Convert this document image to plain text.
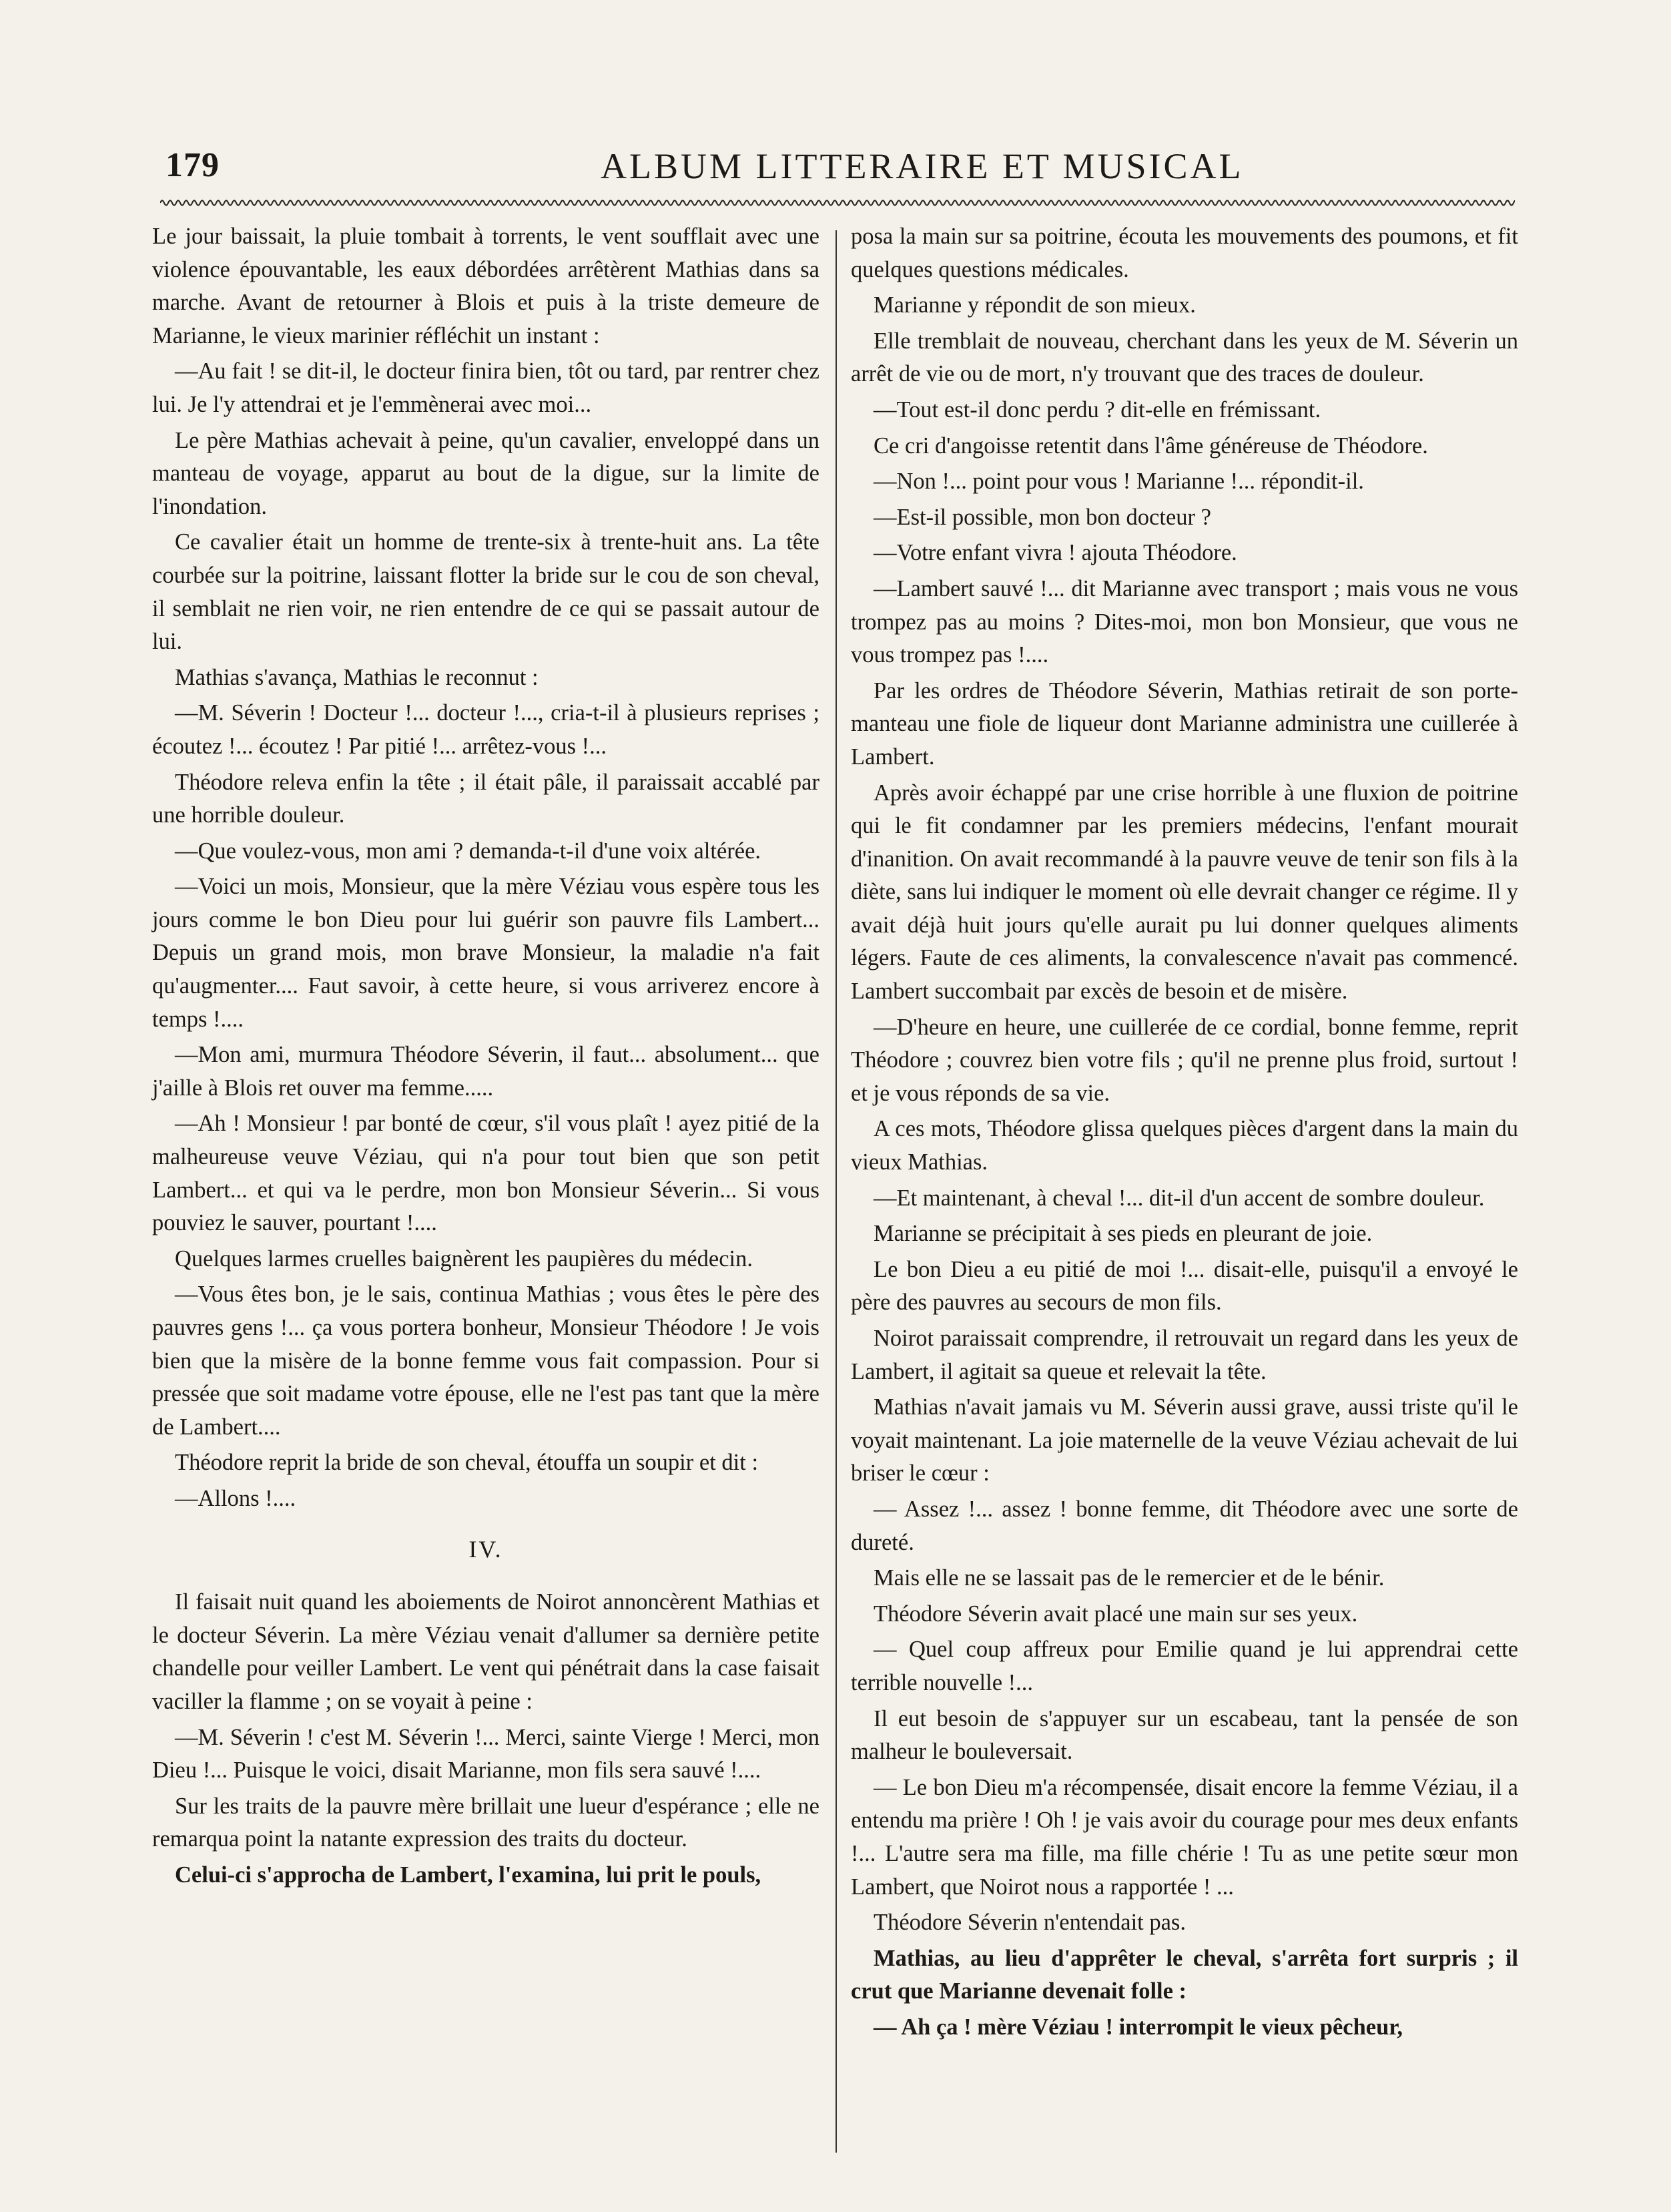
179	ALBUM LITTERAIRE ET MUSICAL

Le jour baissait, la pluie tombait à torrents, le vent soufflait avec une violence épouvantable, les eaux débordées arrêtèrent Mathias dans sa marche. Avant de retourner à Blois et puis à la triste demeure de Marianne, le vieux marinier réfléchit un instant :

—Au fait ! se dit-il, le docteur finira bien, tôt ou tard, par rentrer chez lui. Je l'y attendrai et je l'emmènerai avec moi...

Le père Mathias achevait à peine, qu'un cavalier, enveloppé dans un manteau de voyage, apparut au bout de la digue, sur la limite de l'inondation.

Ce cavalier était un homme de trente-six à trente-huit ans. La tête courbée sur la poitrine, laissant flotter la bride sur le cou de son cheval, il semblait ne rien voir, ne rien entendre de ce qui se passait autour de lui.

Mathias s'avança, Mathias le reconnut :

—M. Séverin ! Docteur !... docteur !..., cria-t-il à plusieurs reprises ; écoutez !... écoutez ! Par pitié !... arrêtez-vous !...

Théodore releva enfin la tête ; il était pâle, il paraissait accablé par une horrible douleur.

—Que voulez-vous, mon ami ? demanda-t-il d'une voix altérée.

—Voici un mois, Monsieur, que la mère Véziau vous espère tous les jours comme le bon Dieu pour lui guérir son pauvre fils Lambert... Depuis un grand mois, mon brave Monsieur, la maladie n'a fait qu'augmenter.... Faut savoir, à cette heure, si vous arriverez encore à temps !....

—Mon ami, murmura Théodore Séverin, il faut... absolument... que j'aille à Blois ret ouver ma femme.....

—Ah ! Monsieur ! par bonté de cœur, s'il vous plaît ! ayez pitié de la malheureuse veuve Véziau, qui n'a pour tout bien que son petit Lambert... et qui va le perdre, mon bon Monsieur Séverin... Si vous pouviez le sauver, pourtant !....

Quelques larmes cruelles baignèrent les paupières du médecin.

—Vous êtes bon, je le sais, continua Mathias ; vous êtes le père des pauvres gens !... ça vous portera bonheur, Monsieur Théodore ! Je vois bien que la misère de la bonne femme vous fait compassion. Pour si pressée que soit madame votre épouse, elle ne l'est pas tant que la mère de Lambert....

Théodore reprit la bride de son cheval, étouffa un soupir et dit :

—Allons !....

IV.

Il faisait nuit quand les aboiements de Noirot annoncèrent Mathias et le docteur Séverin. La mère Véziau venait d'allumer sa dernière petite chandelle pour veiller Lambert. Le vent qui pénétrait dans la case faisait vaciller la flamme ; on se voyait à peine :

—M. Séverin ! c'est M. Séverin !... Merci, sainte Vierge ! Merci, mon Dieu !... Puisque le voici, disait Marianne, mon fils sera sauvé !....

Sur les traits de la pauvre mère brillait une lueur d'espérance ; elle ne remarqua point la natante expression des traits du docteur.

Celui-ci s'approcha de Lambert, l'examina, lui prit le pouls,

posa la main sur sa poitrine, écouta les mouvements des poumons, et fit quelques questions médicales.

Marianne y répondit de son mieux.

Elle tremblait de nouveau, cherchant dans les yeux de M. Séverin un arrêt de vie ou de mort, n'y trouvant que des traces de douleur.

—Tout est-il donc perdu ? dit-elle en frémissant.

Ce cri d'angoisse retentit dans l'âme généreuse de Théodore.

—Non !... point pour vous ! Marianne !... répondit-il.

—Est-il possible, mon bon docteur ?

—Votre enfant vivra ! ajouta Théodore.

—Lambert sauvé !... dit Marianne avec transport ; mais vous ne vous trompez pas au moins ? Dites-moi, mon bon Monsieur, que vous ne vous trompez pas !....

Par les ordres de Théodore Séverin, Mathias retirait de son porte-manteau une fiole de liqueur dont Marianne administra une cuillerée à Lambert.

Après avoir échappé par une crise horrible à une fluxion de poitrine qui le fit condamner par les premiers médecins, l'enfant mourait d'inanition. On avait recommandé à la pauvre veuve de tenir son fils à la diète, sans lui indiquer le moment où elle devrait changer ce régime. Il y avait déjà huit jours qu'elle aurait pu lui donner quelques aliments légers. Faute de ces aliments, la convalescence n'avait pas commencé. Lambert succombait par excès de besoin et de misère.

—D'heure en heure, une cuillerée de ce cordial, bonne femme, reprit Théodore ; couvrez bien votre fils ; qu'il ne prenne plus froid, surtout ! et je vous réponds de sa vie.

A ces mots, Théodore glissa quelques pièces d'argent dans la main du vieux Mathias.

—Et maintenant, à cheval !... dit-il d'un accent de sombre douleur.

Marianne se précipitait à ses pieds en pleurant de joie.

Le bon Dieu a eu pitié de moi !... disait-elle, puisqu'il a envoyé le père des pauvres au secours de mon fils.

Noirot paraissait comprendre, il retrouvait un regard dans les yeux de Lambert, il agitait sa queue et relevait la tête.

Mathias n'avait jamais vu M. Séverin aussi grave, aussi triste qu'il le voyait maintenant. La joie maternelle de la veuve Véziau achevait de lui briser le cœur :

— Assez !... assez ! bonne femme, dit Théodore avec une sorte de dureté.

Mais elle ne se lassait pas de le remercier et de le bénir.

Théodore Séverin avait placé une main sur ses yeux.

— Quel coup affreux pour Emilie quand je lui apprendrai cette terrible nouvelle !...

Il eut besoin de s'appuyer sur un escabeau, tant la pensée de son malheur le bouleversait.

— Le bon Dieu m'a récompensée, disait encore la femme Véziau, il a entendu ma prière ! Oh ! je vais avoir du courage pour mes deux enfants !... L'autre sera ma fille, ma fille chérie ! Tu as une petite sœur mon Lambert, que Noirot nous a rapportée ! ...

Théodore Séverin n'entendait pas.

Mathias, au lieu d'apprêter le cheval, s'arrêta fort surpris ; il crut que Marianne devenait folle :

— Ah ça ! mère Véziau ! interrompit le vieux pêcheur,
